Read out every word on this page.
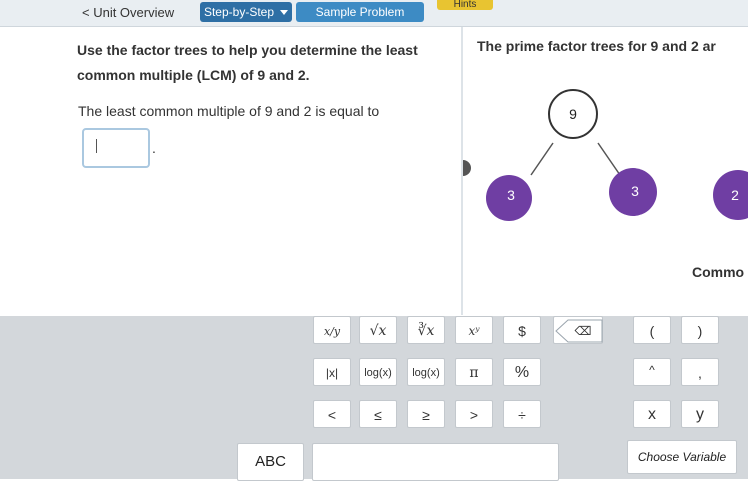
< Unit Overview	Step-by-Step	Sample Problem
Hints
Use the factor trees to help you determine the least common multiple (LCM) of 9 and 2.
The least common multiple of 9 and 2 is equal to
.
The prime factor trees for 9 and 2 ar
9
3	3	2
Commo
x/y	√x	∛x	xʸ	$	⌫	(	)
|x|	log(x)	log(x)	π	%	^	,
<	≤	≥	>	÷	x	y
ABC	Choose Variable
